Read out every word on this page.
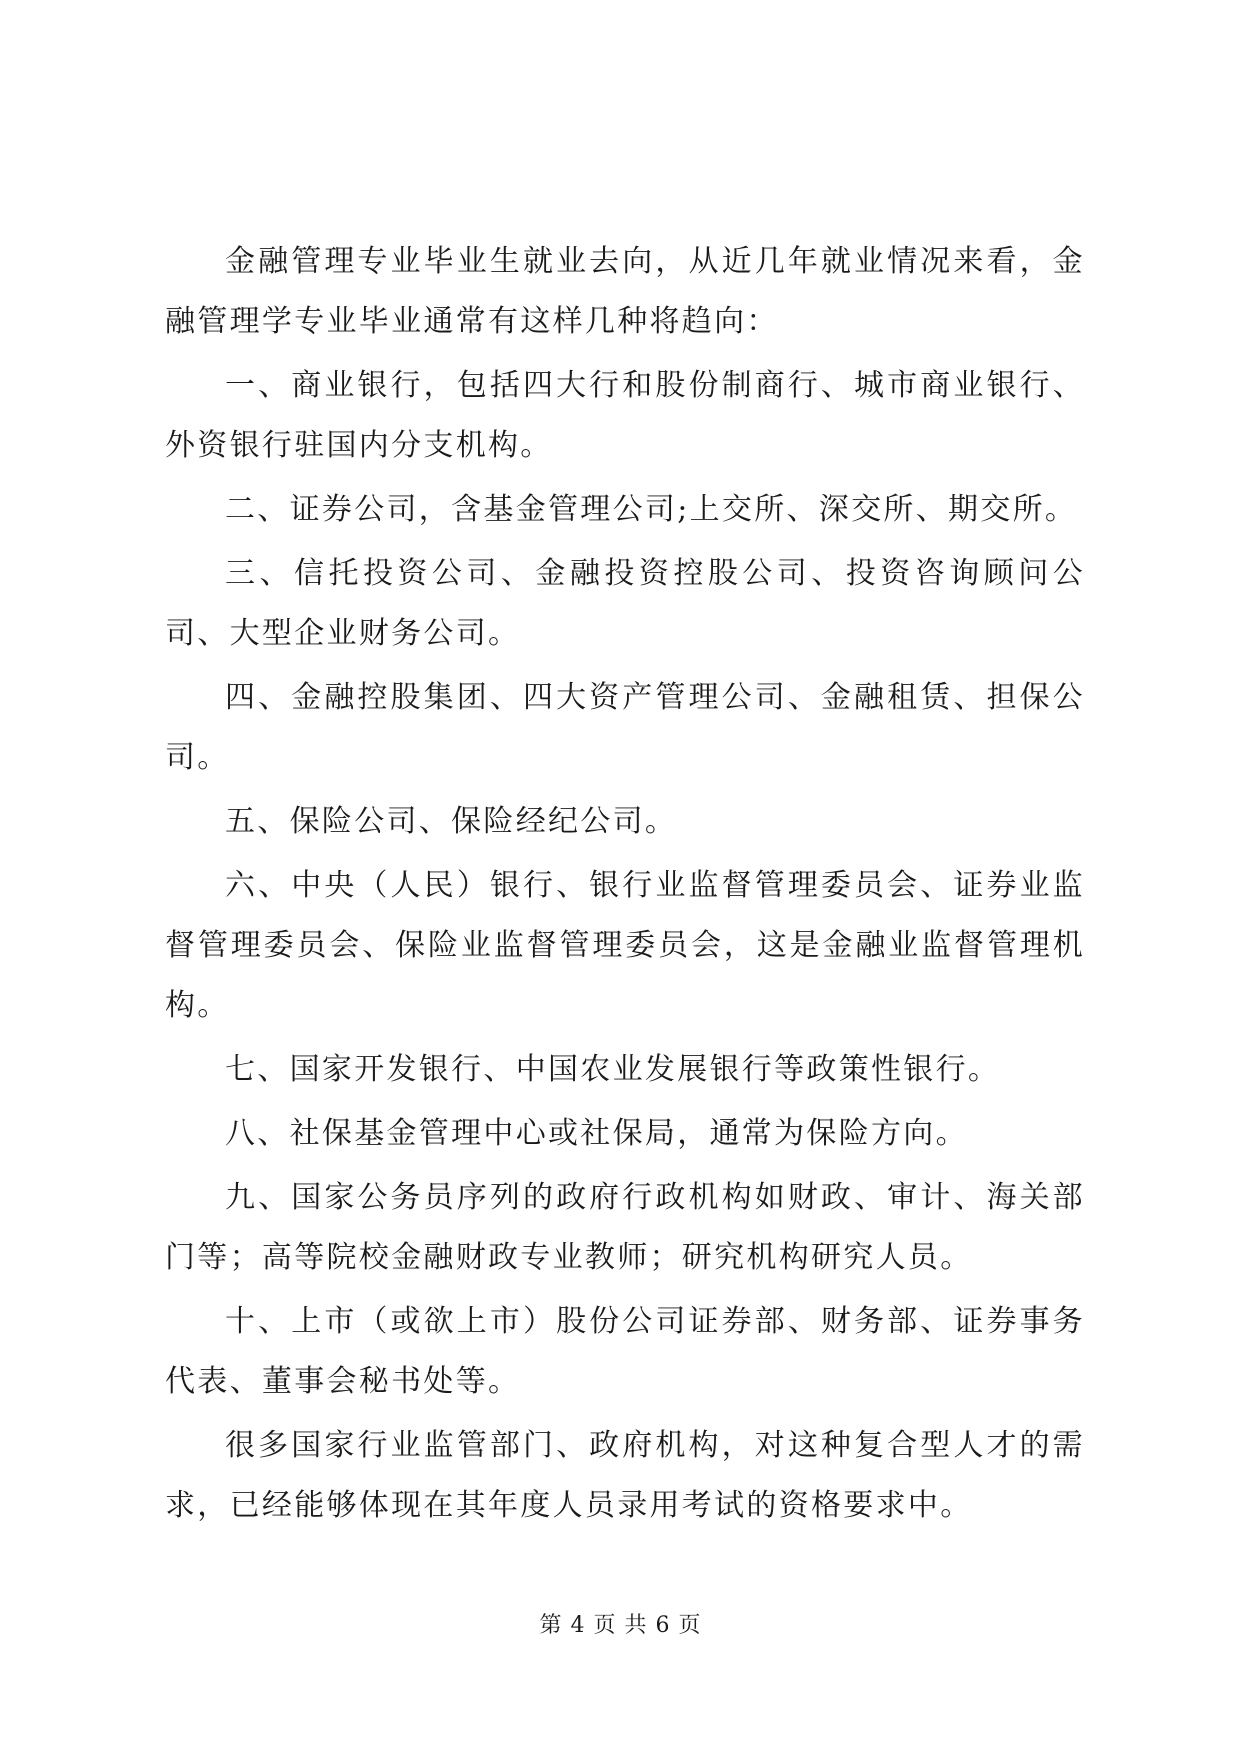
金融管理专业毕业生就业去向，从近几年就业情况来看，金融管理学专业毕业通常有这样几种将趋向：

一、商业银行，包括四大行和股份制商行、城市商业银行、外资银行驻国内分支机构。

二、证券公司，含基金管理公司;上交所、深交所、期交所。

三、信托投资公司、金融投资控股公司、投资咨询顾问公司、大型企业财务公司。

四、金融控股集团、四大资产管理公司、金融租赁、担保公司。

五、保险公司、保险经纪公司。

六、中央（人民）银行、银行业监督管理委员会、证券业监督管理委员会、保险业监督管理委员会，这是金融业监督管理机构。

七、国家开发银行、中国农业发展银行等政策性银行。

八、社保基金管理中心或社保局，通常为保险方向。

九、国家公务员序列的政府行政机构如财政、审计、海关部门等；高等院校金融财政专业教师；研究机构研究人员。

十、上市（或欲上市）股份公司证券部、财务部、证券事务代表、董事会秘书处等。

很多国家行业监管部门、政府机构，对这种复合型人才的需求，已经能够体现在其年度人员录用考试的资格要求中。

第 4 页 共 6 页
